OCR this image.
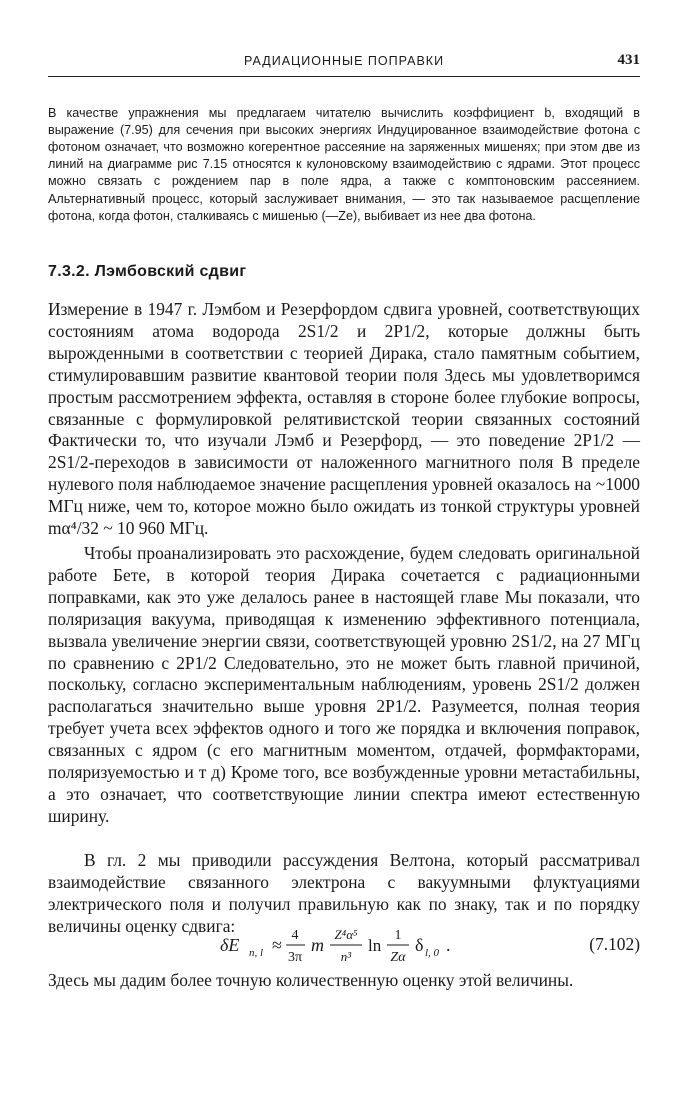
РАДИАЦИОННЫЕ ПОПРАВКИ	431

В качестве упражнения мы предлагаем читателю вычислить коэффициент b, входящий в выражение (7.95) для сечения при высоких энергиях Индуцированное взаимодействие фотона с фотоном означает, что возможно когерентное рассеяние на заряженных мишенях; при этом две из линий на диаграмме рис 7.15 относятся к кулоновскому взаимодействию с ядрами. Этот процесс можно связать с рождением пар в поле ядра, а также с комптоновским рассеянием. Альтернативный процесс, который заслуживает внимания, — это так называемое расщепление фотона, когда фотон, сталкиваясь с мишенью (—Ze), выбивает из нее два фотона.

7.3.2. Лэмбовский сдвиг

Измерение в 1947 г. Лэмбом и Резерфордом сдвига уровней, соответствующих состояниям атома водорода 2S1/2 и 2P1/2, которые должны быть вырожденными в соответствии с теорией Дирака, стало памятным событием, стимулировавшим развитие квантовой теории поля Здесь мы удовлетворимся простым рассмотрением эффекта, оставляя в стороне более глубокие вопросы, связанные с формулировкой релятивистской теории связанных состояний Фактически то, что изучали Лэмб и Резерфорд, — это поведение 2P1/2 — 2S1/2-переходов в зависимости от наложенного магнитного поля В пределе нулевого поля наблюдаемое значение расщепления уровней оказалось на ~1000 МГц ниже, чем то, которое можно было ожидать из тонкой структуры уровней mα⁴/32 ~ 10 960 МГц.

Чтобы проанализировать это расхождение, будем следовать оригинальной работе Бете, в которой теория Дирака сочетается с радиационными поправками, как это уже делалось ранее в настоящей главе Мы показали, что поляризация вакуума, приводящая к изменению эффективного потенциала, вызвала увеличение энергии связи, соответствующей уровню 2S1/2, на 27 МГц по сравнению с 2P1/2 Следовательно, это не может быть главной причиной, поскольку, согласно экспериментальным наблюдениям, уровень 2S1/2 должен располагаться значительно выше уровня 2P1/2. Разумеется, полная теория требует учета всех эффектов одного и того же порядка и включения поправок, связанных с ядром (с его магнитным моментом, отдачей, формфакторами, поляризуемостью и т д) Кроме того, все возбужденные уровни метастабильны, а это означает, что соответствующие линии спектра имеют естественную ширину.

В гл. 2 мы приводили рассуждения Велтона, который рассматривал взаимодействие связанного электрона с вакуумными флуктуациями электрического поля и получил правильную как по знаку, так и по порядку величины оценку сдвига:

δE n, l ≈ 4
3π
m
Z⁴α⁵
n³
ln
1
Zα
δ l, 0 .	(7.102)

Здесь мы дадим более точную количественную оценку этой величины.
